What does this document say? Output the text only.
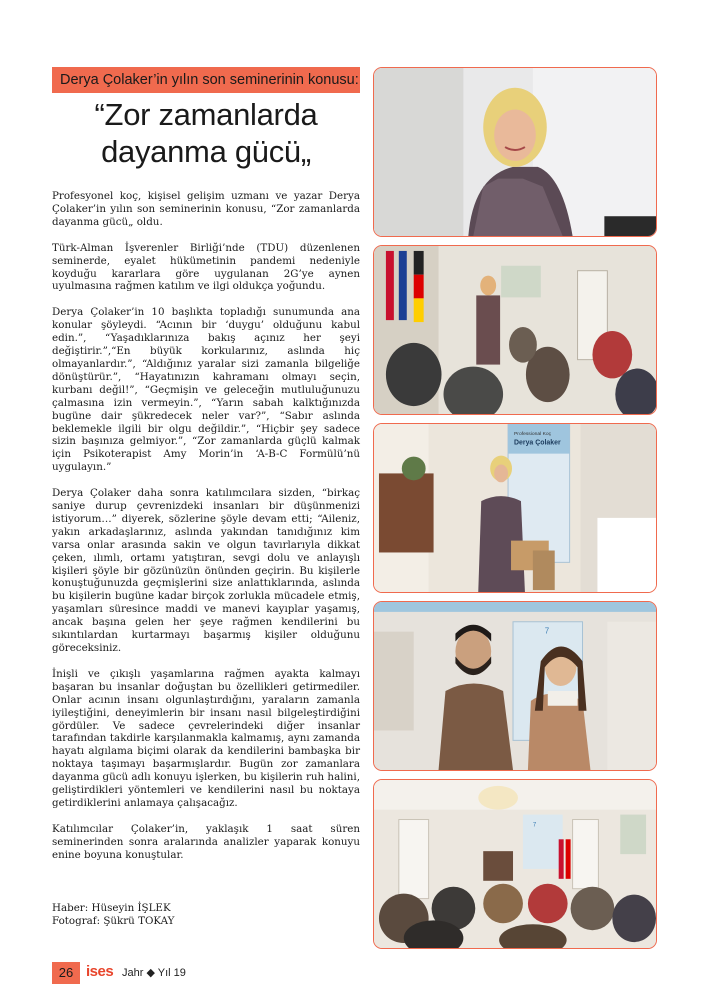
Derya Çolaker’in yılın son seminerinin konusu:
“Zor zamanlarda
dayanma gücü„

Profesyonel koç, kişisel gelişim uzmanı ve yazar Derya Çolaker’in yılın son seminerinin konusu, “Zor zamanlarda dayanma gücü„ oldu.

Türk-Alman İşverenler Birliği’nde (TDU) düzenlenen seminerde, eyalet hükümetinin pandemi nedeniyle koyduğu kararlara göre uygulanan 2G’ye aynen uyulmasına rağmen katılım ve ilgi oldukça yoğundu.

Derya Çolaker’in 10 başlıkta topladığı sunumunda ana konular şöyleydi. “Acının bir ‘duygu’ olduğunu kabul edin.”, “Yaşadıklarınıza bakış açınız her şeyi değiştirir.”,“En büyük korkularınız, aslında hiç olmayanlardır.”, “Aldığınız yaralar sizi zamanla bilgeliğe dönüştürür.”, “Hayatınızın kahramanı olmayı seçin, kurbanı değil!”, “Geçmişin ve geleceğin mutluluğunuzu çalmasına izin vermeyin.”, “Yarın sabah kalktığınızda bugüne dair şükredecek neler var?”, “Sabır aslında beklemekle ilgili bir olgu değildir.”, “Hiçbir şey sadece sizin başınıza gelmiyor.”, “Zor zamanlarda güçlü kalmak için Psikoterapist Amy Morin’in ‘A-B-C Formülü’nü uygulayın.”

Derya Çolaker daha sonra katılımcılara sizden, “birkaç saniye durup çevrenizdeki insanları bir düşünmenizi istiyorum…” diyerek, sözlerine şöyle devam etti; “Aileniz, yakın arkadaşlarınız, aslında yakından tanıdığınız kim varsa onlar arasında sakin ve olgun tavırlarıyla dikkat çeken, ılımlı, ortamı yatıştıran, sevgi dolu ve anlayışlı kişileri şöyle bir gözünüzün önünden geçirin. Bu kişilerle konuştuğunuzda geçmişlerini size anlattıklarında, aslında bu kişilerin bugüne kadar birçok zorlukla mücadele etmiş, yaşamları süresince maddi ve manevi kayıplar yaşamış, ancak başına gelen her şeye rağmen kendilerini bu sıkıntılardan kurtarmayı başarmış kişiler olduğunu göreceksiniz.

İnişli ve çıkışlı yaşamlarına rağmen ayakta kalmayı başaran bu insanlar doğuştan bu özellikleri getirmediler. Onlar acının insanı olgunlaştırdığını, yaraların zamanla iyileştiğini, deneyimlerin bir insanı nasıl bilgeleştirdiğini gördüler. Ve sadece çevrelerindeki diğer insanlar tarafından takdirle karşılanmakla kalmamış, aynı zamanda hayatı algılama biçimi olarak da kendilerini bambaşka bir noktaya taşımayı başarmışlardır. Bugün zor zamanlara dayanma gücü adlı konuyu işlerken, bu kişilerin ruh halini, geliştirdikleri yöntemleri ve kendilerini nasıl bu noktaya getirdiklerini anlamaya çalışacağız.

Katılımcılar Çolaker’in, yaklaşık 1 saat süren seminerinden sonra aralarında analizler yaparak konuyu enine boyuna konuştular.

Haber: Hüseyin İŞLEK
Fotograf: Şükrü TOKAY
Professional Koç
Derya Çolaker
7
7
26 ises Jahr ◆ Yıl 19
